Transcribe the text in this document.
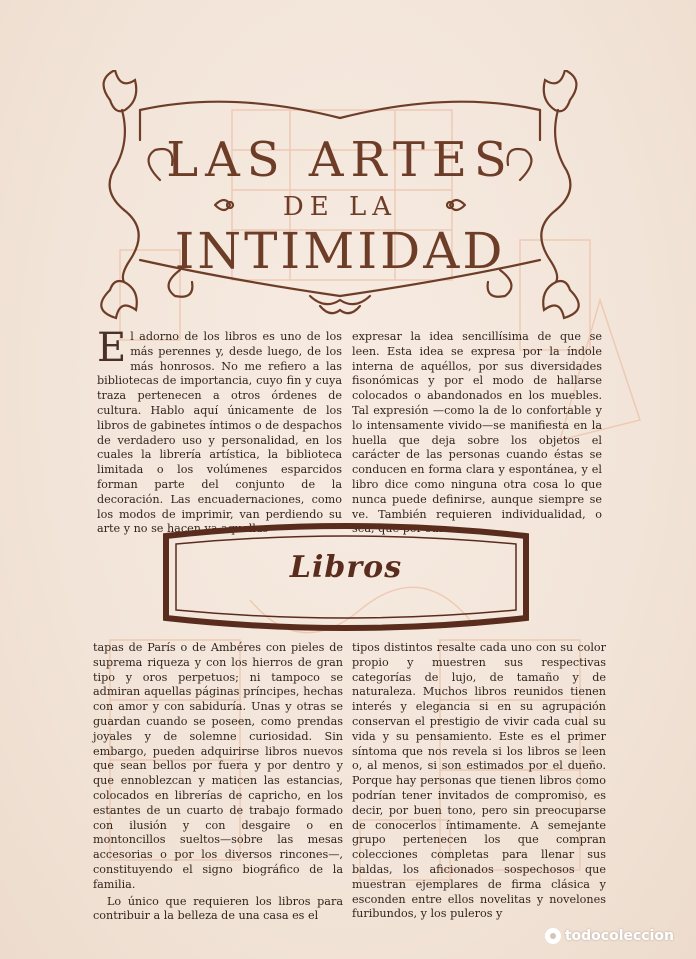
LAS ARTES
DE LA
INTIMIDAD
El adorno de los libros es uno de los más perennes y, desde luego, de los más honrosos. No me refiero a las bibliotecas de importancia, cuyo fin y cuya traza pertenecen a otros órdenes de cultura. Hablo aquí únicamente de los libros de gabinetes íntimos o de despachos de verdadero uso y personalidad, en los cuales la librería artística, la biblioteca limitada o los volúmenes esparcidos forman parte del conjunto de la decoración. Las encuadernaciones, como los modos de imprimir, van perdiendo su arte y no se hacen ya aquellas
expresar la idea sencillísima de que se leen. Esta idea se expresa por la índole interna de aquéllos, por sus diversidades fisonómicas y por el modo de hallarse colocados o abandonados en los muebles. Tal expresión —como la de lo confortable y lo intensamente vivido—se manifiesta en la huella que deja sobre los objetos el carácter de las personas cuando éstas se conducen en forma clara y espontánea, y el libro dice como ninguna otra cosa lo que nunca puede definirse, aunque siempre se ve. También requieren individualidad, o sea, que por sus
Libros
tapas de París o de Ambéres con pieles de suprema riqueza y con los hierros de gran tipo y oros perpetuos; ni tampoco se admiran aquellas páginas príncipes, hechas con amor y con sabiduría. Unas y otras se guardan cuando se poseen, como prendas joyales y de solemne curiosidad. Sin embargo, pueden adquirirse libros nuevos que sean bellos por fuera y por dentro y que ennoblezcan y maticen las estancias, colocados en librerías de capricho, en los estantes de un cuarto de trabajo formado con ilusión y con desgaire o en montoncillos sueltos—sobre las mesas accesorias o por los diversos rincones—, constituyendo el signo biográfico de la familia.
Lo único que requieren los libros para contribuir a la belleza de una casa es el
tipos distintos resalte cada uno con su color propio y muestren sus respectivas categorías de lujo, de tamaño y de naturaleza. Muchos libros reunidos tienen interés y elegancia si en su agrupación conservan el prestigio de vivir cada cual su vida y su pensamiento. Este es el primer síntoma que nos revela si los libros se leen o, al menos, si son estimados por el dueño. Porque hay personas que tienen libros como podrían tener invitados de compromiso, es decir, por buen tono, pero sin preocuparse de conocerlos íntimamente. A semejante grupo pertenecen los que compran colecciones completas para llenar sus baldas, los aficionados sospechosos que muestran ejemplares de firma clásica y esconden entre ellos novelitas y novelones furibundos, y los puleros y
todocoleccion
